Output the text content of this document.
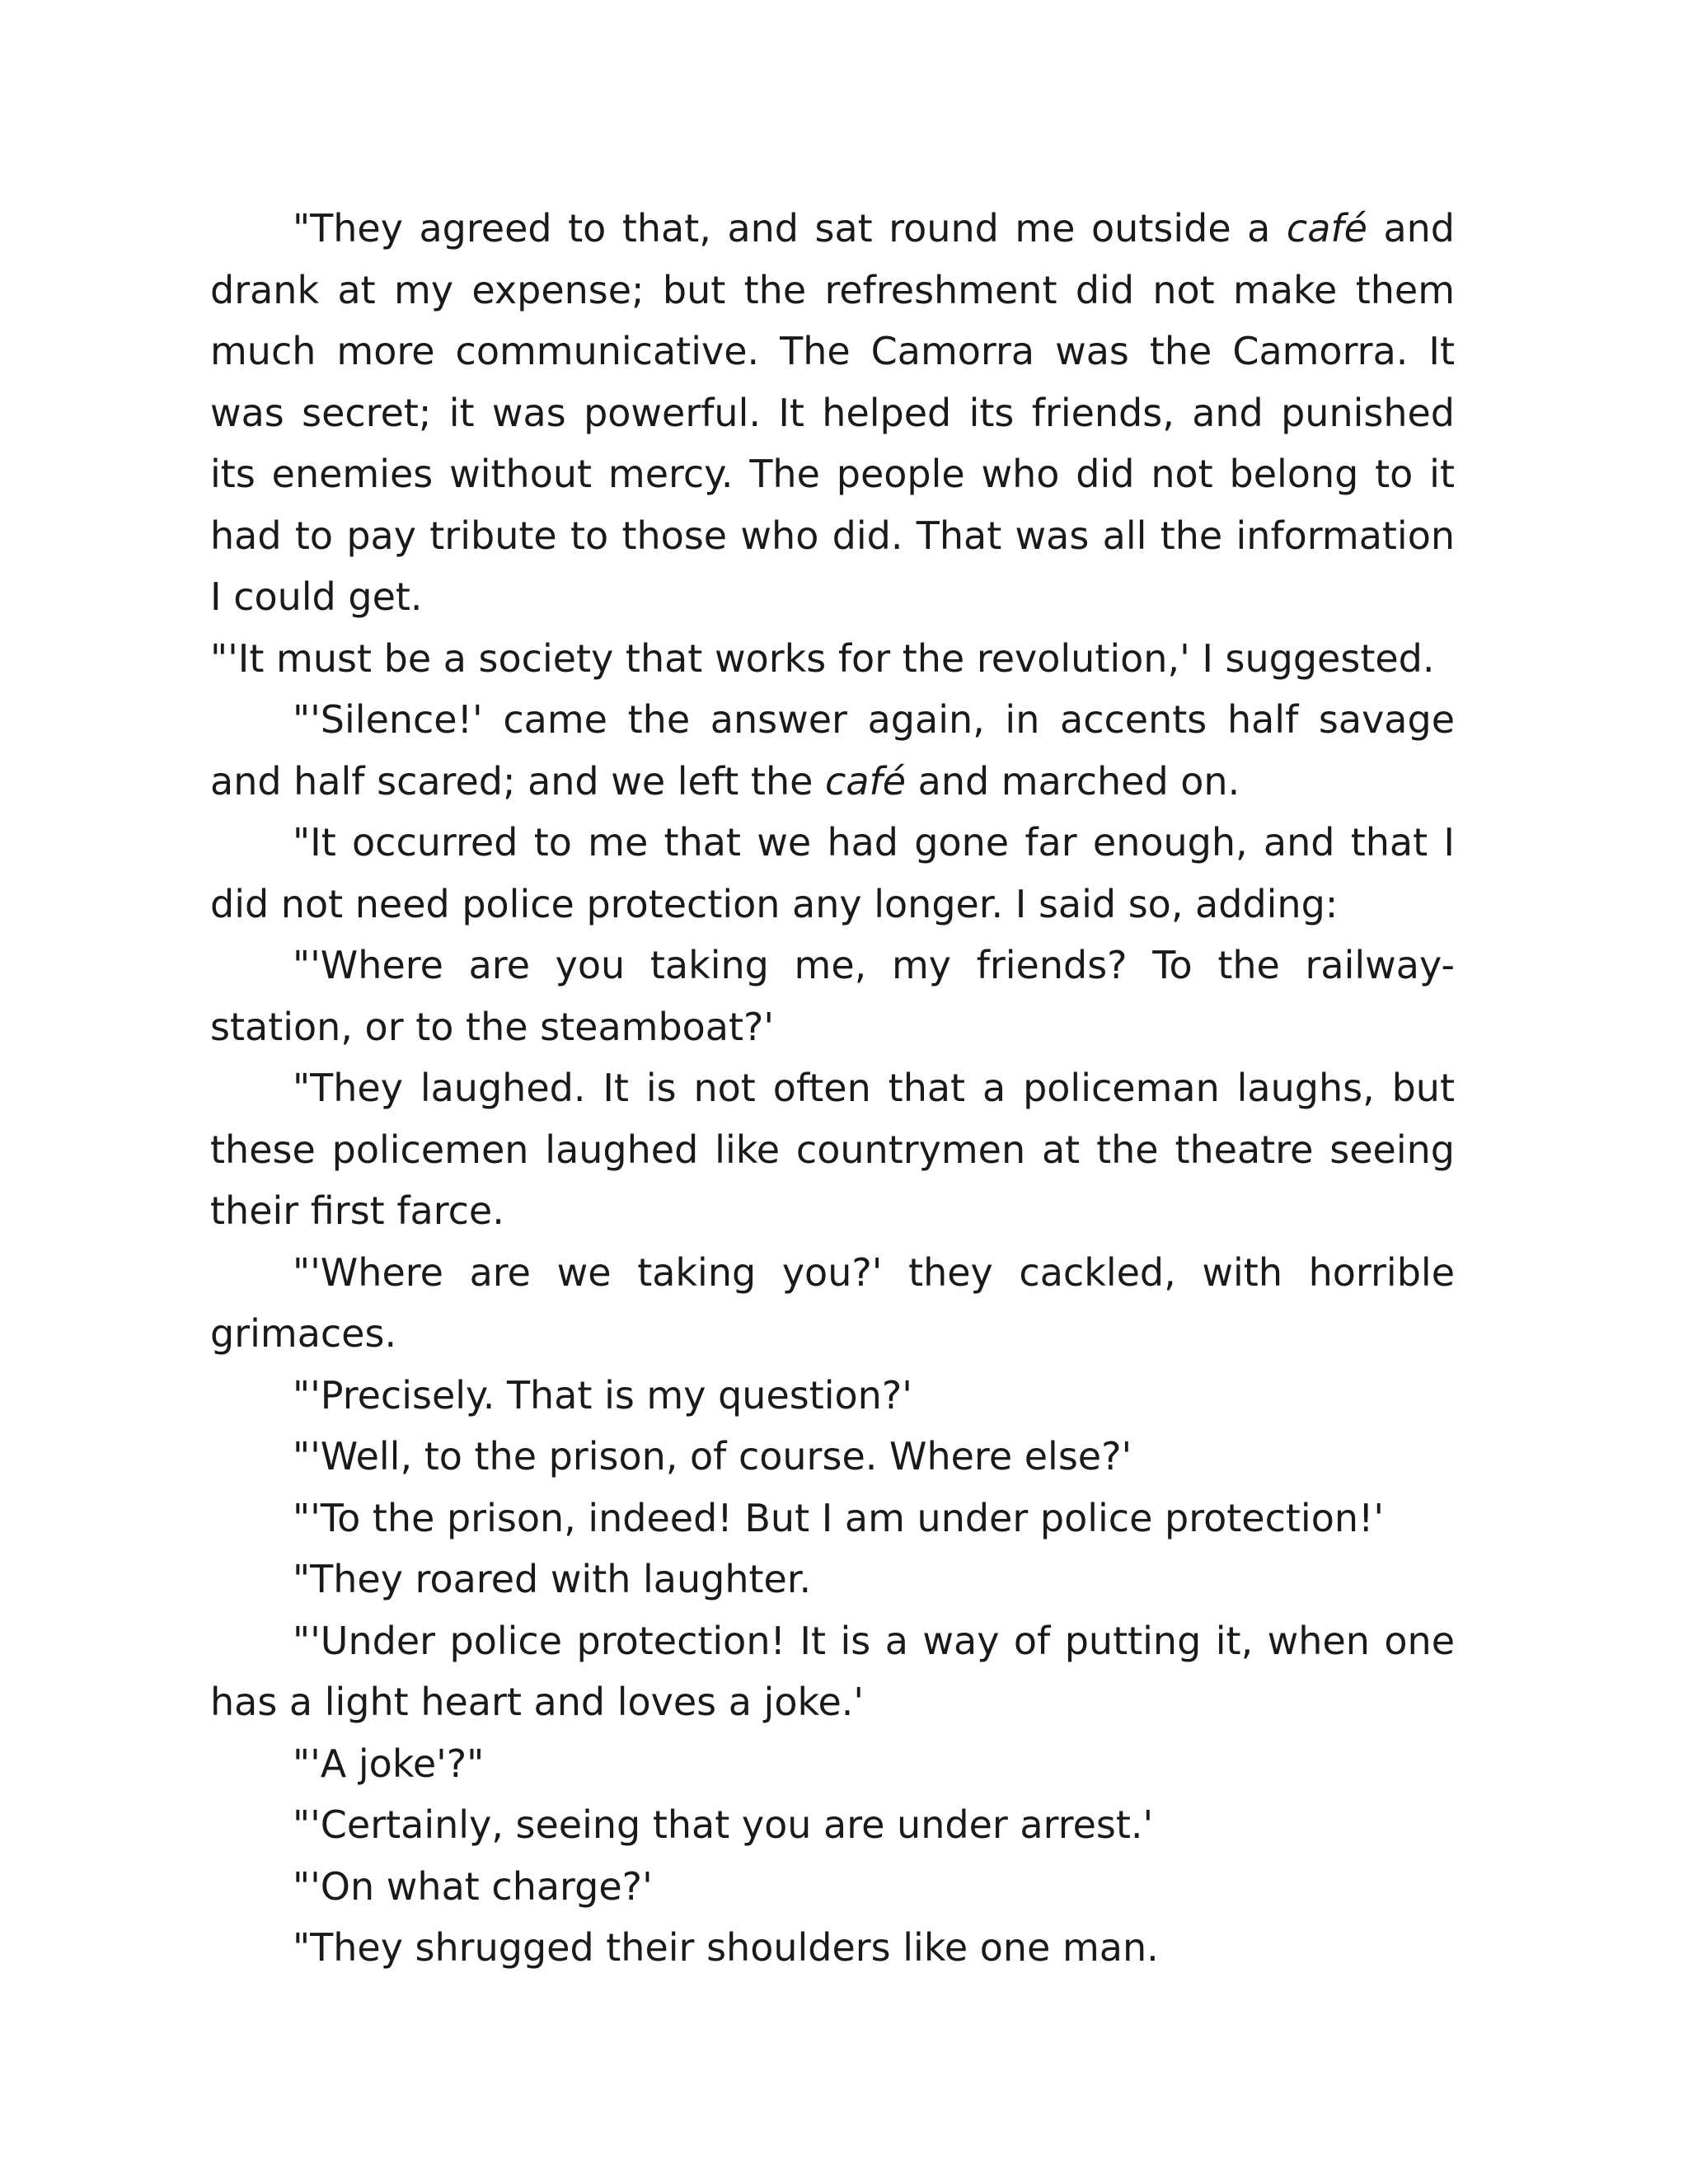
"They agreed to that, and sat round me outside a café and drank at my expense; but the refreshment did not make them much more communicative. The Camorra was the Camorra. It was secret; it was powerful. It helped its friends, and punished its enemies without mercy. The people who did not belong to it had to pay tribute to those who did. That was all the information I could get.

"'It must be a society that works for the revolution,' I suggested.

"'Silence!' came the answer again, in accents half savage and half scared; and we left the café and marched on.

"It occurred to me that we had gone far enough, and that I did not need police protection any longer. I said so, adding:

"'Where are you taking me, my friends? To the railway-station, or to the steamboat?'

"They laughed. It is not often that a policeman laughs, but these policemen laughed like countrymen at the theatre seeing their first farce.

"'Where are we taking you?' they cackled, with horrible grimaces.

"'Precisely. That is my question?'

"'Well, to the prison, of course. Where else?'

"'To the prison, indeed! But I am under police protection!'

"They roared with laughter.

"'Under police protection! It is a way of putting it, when one has a light heart and loves a joke.'

"'A joke'?"

"'Certainly, seeing that you are under arrest.'

"'On what charge?'

"They shrugged their shoulders like one man.
